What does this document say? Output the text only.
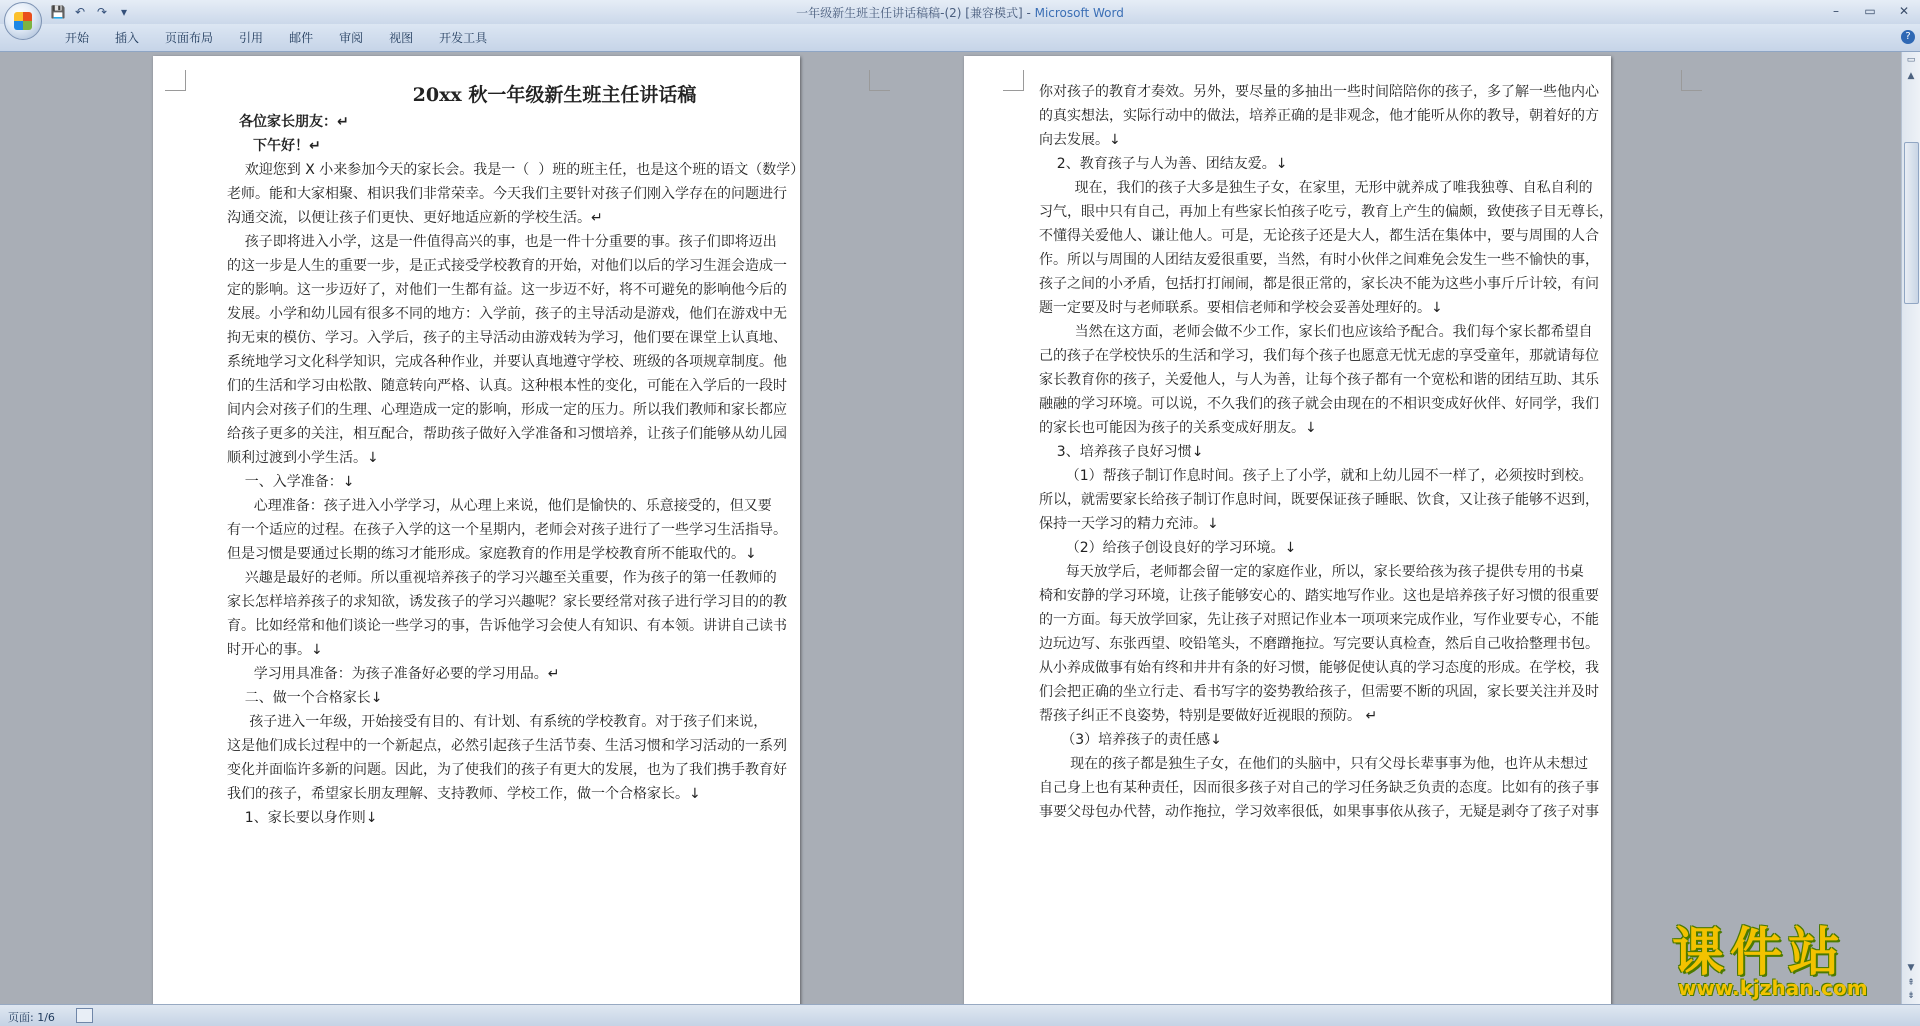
💾 ↶ ↷	▾	一年级新生班主任讲话稿稿-(2) [兼容模式] - Microsoft Word	–	▭	✕
开始	插入	页面布局	引用	邮件	审阅	视图	开发工具	?

20xx 秋一年级新生班主任讲话稿

各位家长朋友：↵

下午好！↵

欢迎您到 X 小来参加今天的家长会。我是一（  ）班的班主任，也是这个班的语文（数学）

老师。能和大家相聚、相识我们非常荣幸。今天我们主要针对孩子们刚入学存在的问题进行

沟通交流，以便让孩子们更快、更好地适应新的学校生活。↵

孩子即将进入小学，这是一件值得高兴的事，也是一件十分重要的事。孩子们即将迈出

的这一步是人生的重要一步，是正式接受学校教育的开始，对他们以后的学习生涯会造成一

定的影响。这一步迈好了，对他们一生都有益。这一步迈不好，将不可避免的影响他今后的

发展。小学和幼儿园有很多不同的地方：入学前，孩子的主导活动是游戏，他们在游戏中无

拘无束的模仿、学习。入学后，孩子的主导活动由游戏转为学习，他们要在课堂上认真地、

系统地学习文化科学知识，完成各种作业，并要认真地遵守学校、班级的各项规章制度。他

们的生活和学习由松散、随意转向严格、认真。这种根本性的变化，可能在入学后的一段时

间内会对孩子们的生理、心理造成一定的影响，形成一定的压力。所以我们教师和家长都应

给孩子更多的关注，相互配合，帮助孩子做好入学准备和习惯培养，让孩子们能够从幼儿园

顺利过渡到小学生活。↓

一、入学准备：↓

心理准备：孩子进入小学学习，从心理上来说，他们是愉快的、乐意接受的，但又要

有一个适应的过程。在孩子入学的这一个星期内，老师会对孩子进行了一些学习生活指导。

但是习惯是要通过长期的练习才能形成。家庭教育的作用是学校教育所不能取代的。↓

兴趣是最好的老师。所以重视培养孩子的学习兴趣至关重要，作为孩子的第一任教师的

家长怎样培养孩子的求知欲，诱发孩子的学习兴趣呢？家长要经常对孩子进行学习目的的教

育。比如经常和他们谈论一些学习的事，告诉他学习会使人有知识、有本领。讲讲自己读书

时开心的事。↓

学习用具准备：为孩子准备好必要的学习用品。↵

二、做一个合格家长↓

孩子进入一年级，开始接受有目的、有计划、有系统的学校教育。对于孩子们来说，

这是他们成长过程中的一个新起点，必然引起孩子生活节奏、生活习惯和学习活动的一系列

变化并面临许多新的问题。因此，为了使我们的孩子有更大的发展，也为了我们携手教育好

我们的孩子，希望家长朋友理解、支持教师、学校工作，做一个合格家长。↓

1、家长要以身作则↓

你对孩子的教育才奏效。另外，要尽量的多抽出一些时间陪陪你的孩子，多了解一些他内心

的真实想法，实际行动中的做法，培养正确的是非观念，他才能听从你的教导，朝着好的方

向去发展。↓

2、教育孩子与人为善、团结友爱。↓

现在，我们的孩子大多是独生子女，在家里，无形中就养成了唯我独尊、自私自利的

习气，眼中只有自己，再加上有些家长怕孩子吃亏，教育上产生的偏颇，致使孩子目无尊长，

不懂得关爱他人、谦让他人。可是，无论孩子还是大人，都生活在集体中，要与周围的人合

作。所以与周围的人团结友爱很重要，当然，有时小伙伴之间难免会发生一些不愉快的事，

孩子之间的小矛盾，包括打打闹闹，都是很正常的，家长决不能为这些小事斤斤计较，有问

题一定要及时与老师联系。要相信老师和学校会妥善处理好的。↓

当然在这方面，老师会做不少工作，家长们也应该给予配合。我们每个家长都希望自

己的孩子在学校快乐的生活和学习，我们每个孩子也愿意无忧无虑的享受童年，那就请每位

家长教育你的孩子，关爱他人，与人为善，让每个孩子都有一个宽松和谐的团结互助、其乐

融融的学习环境。可以说，不久我们的孩子就会由现在的不相识变成好伙伴、好同学，我们

的家长也可能因为孩子的关系变成好朋友。↓

3、培养孩子良好习惯↓

（1）帮孩子制订作息时间。孩子上了小学，就和上幼儿园不一样了，必须按时到校。

所以，就需要家长给孩子制订作息时间，既要保证孩子睡眠、饮食，又让孩子能够不迟到，

保持一天学习的精力充沛。↓

（2）给孩子创设良好的学习环境。↓

每天放学后，老师都会留一定的家庭作业，所以，家长要给孩为孩子提供专用的书桌

椅和安静的学习环境，让孩子能够安心的、踏实地写作业。这也是培养孩子好习惯的很重要

的一方面。每天放学回家，先让孩子对照记作业本一项项来完成作业，写作业要专心，不能

边玩边写、东张西望、咬铅笔头，不磨蹭拖拉。写完要认真检查，然后自己收拾整理书包。

从小养成做事有始有终和井井有条的好习惯，能够促使认真的学习态度的形成。在学校，我

们会把正确的坐立行走、看书写字的姿势教给孩子，但需要不断的巩固，家长要关注并及时

帮孩子纠正不良姿势，特别是要做好近视眼的预防。 ↵

（3）培养孩子的责任感↓

现在的孩子都是独生子女，在他们的头脑中，只有父母长辈事事为他，也许从未想过

自己身上也有某种责任，因而很多孩子对自己的学习任务缺乏负责的态度。比如有的孩子事

事要父母包办代替，动作拖拉，学习效率很低，如果事事依从孩子，无疑是剥夺了孩子对事

▭
▲
▼
⇞
⇟
页面: 1/6
课件站
www.kjzhan.com
